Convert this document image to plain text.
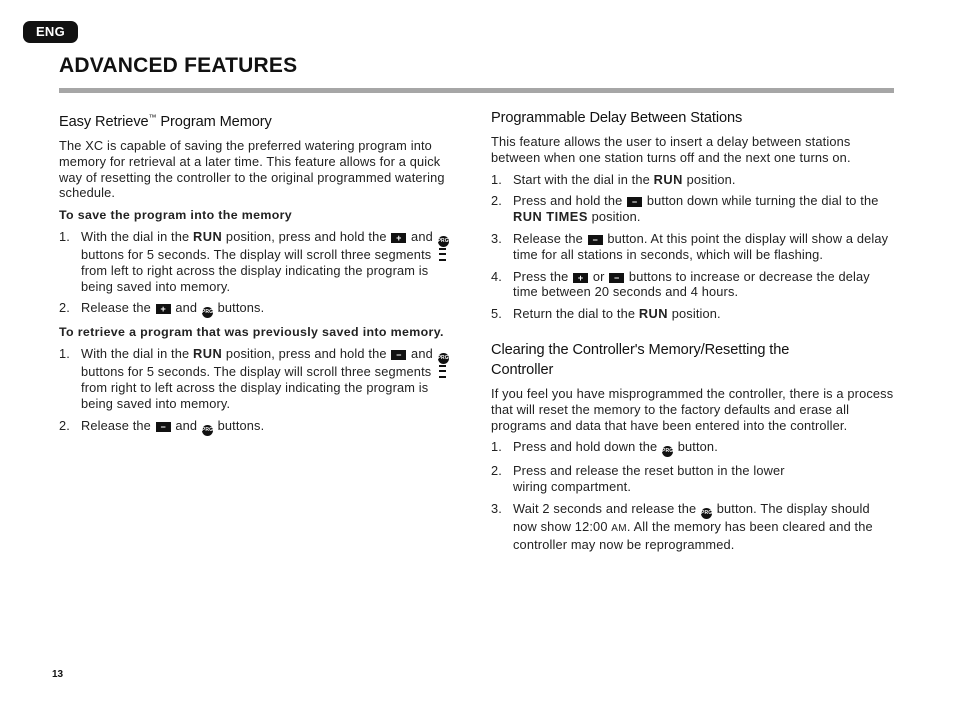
ENG
ADVANCED FEATURES
Easy Retrieve™ Program Memory

The XC is capable of saving the preferred watering program into memory for retrieval at a later time. This feature allows for a quick way of resetting the controller to the original programmed watering schedule.

To save the program into the memory
1. With the dial in the RUN position, press and hold the + and PRG buttons for 5 seconds. The display will scroll three segments  from left to right across the display indicating the program is being saved into memory.
2. Release the + and PRG buttons.
To retrieve a program that was previously saved into memory.
1. With the dial in the RUN position, press and hold the − and PRG buttons for 5 seconds. The display will scroll three segments  from right to left across the display indicating the program is being saved into memory.
2. Release the − and PRG buttons.
Programmable Delay Between Stations

This feature allows the user to insert a delay between stations between when one station turns off and the next one turns on.

1. Start with the dial in the RUN position.
2. Press and hold the − button down while turning the dial to the RUN TIMES position.
3. Release the − button. At this point the display will show a delay time for all stations in seconds, which will be flashing.
4. Press the + or − buttons to increase or decrease the delay time between 20 seconds and 4 hours.
5. Return the dial to the RUN position.
Clearing the Controller's Memory/Resetting the Controller

If you feel you have misprogrammed the controller, there is a process that will reset the memory to the factory defaults and erase all programs and data that have been entered into the controller.

1. Press and hold down the PRG button.
2. Press and release the reset button in the lower wiring compartment.
3. Wait 2 seconds and release the PRG button. The display should now show 12:00 AM. All the memory has been cleared and the controller may now be reprogrammed.
13
